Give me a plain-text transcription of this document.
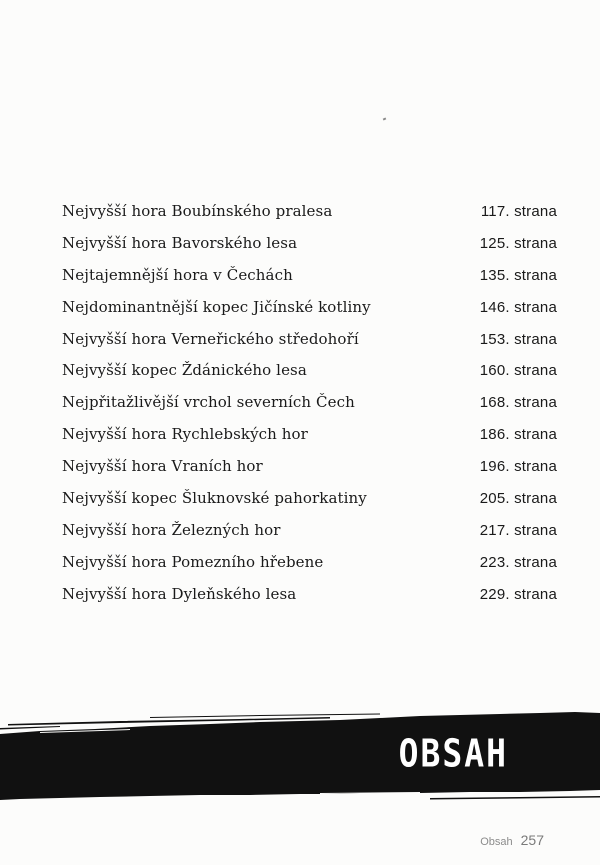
Nejvyšší hora Boubínského pralesa	117. strana
Nejvyšší hora Bavorského lesa	125. strana
Nejtajemnější hora v Čechách	135. strana
Nejdominantnější kopec Jičínské kotliny	146. strana
Nejvyšší hora Verneřického středohoří	153. strana
Nejvyšší kopec Ždánického lesa	160. strana
Nejpřitažlivější vrchol severních Čech	168. strana
Nejvyšší hora Rychlebských hor	186. strana
Nejvyšší hora Vraních hor	196. strana
Nejvyšší kopec Šluknovské pahorkatiny	205. strana
Nejvyšší hora Železných hor	217. strana
Nejvyšší hora Pomezního hřebene	223. strana
Nejvyšší hora Dyleňského lesa	229. strana
OBSAH
Obsah 257
